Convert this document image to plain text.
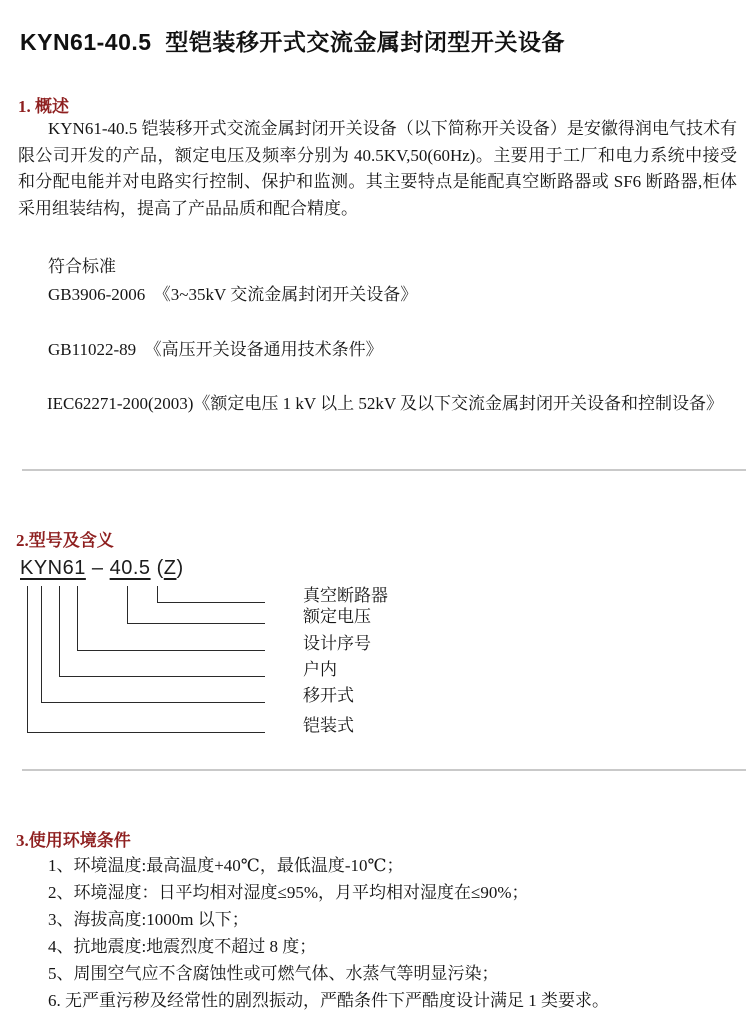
KYN61-40.5  型铠装移开式交流金属封闭型开关设备
1. 概述

KYN61-40.5 铠装移开式交流金属封闭开关设备（以下简称开关设备）是安徽得润电气技术有限公司开发的产品，额定电压及频率分别为 40.5KV,50(60Hz)。主要用于工厂和电力系统中接受和分配电能并对电路实行控制、保护和监测。其主要特点是能配真空断路器或 SF6 断路器,柜体采用组装结构，提高了产品品质和配合精度。

符合标准
GB3906-2006  《3~35kV 交流金属封闭开关设备》
GB11022-89  《高压开关设备通用技术条件》
IEC62271-200(2003)《额定电压 1 kV 以上 52kV 及以下交流金属封闭开关设备和控制设备》
2.型号及含义
KYN61 – 40.5 (Z)
真空断路器
额定电压
设计序号
户内
移开式
铠装式
3.使用环境条件
1、环境温度:最高温度+40℃，最低温度-10℃；
2、环境湿度：日平均相对湿度≤95%，月平均相对湿度在≤90%；
3、海拔高度:1000m 以下；
4、抗地震度:地震烈度不超过 8 度；
5、周围空气应不含腐蚀性或可燃气体、水蒸气等明显污染；
6. 无严重污秽及经常性的剧烈振动，严酷条件下严酷度设计满足 1 类要求。
